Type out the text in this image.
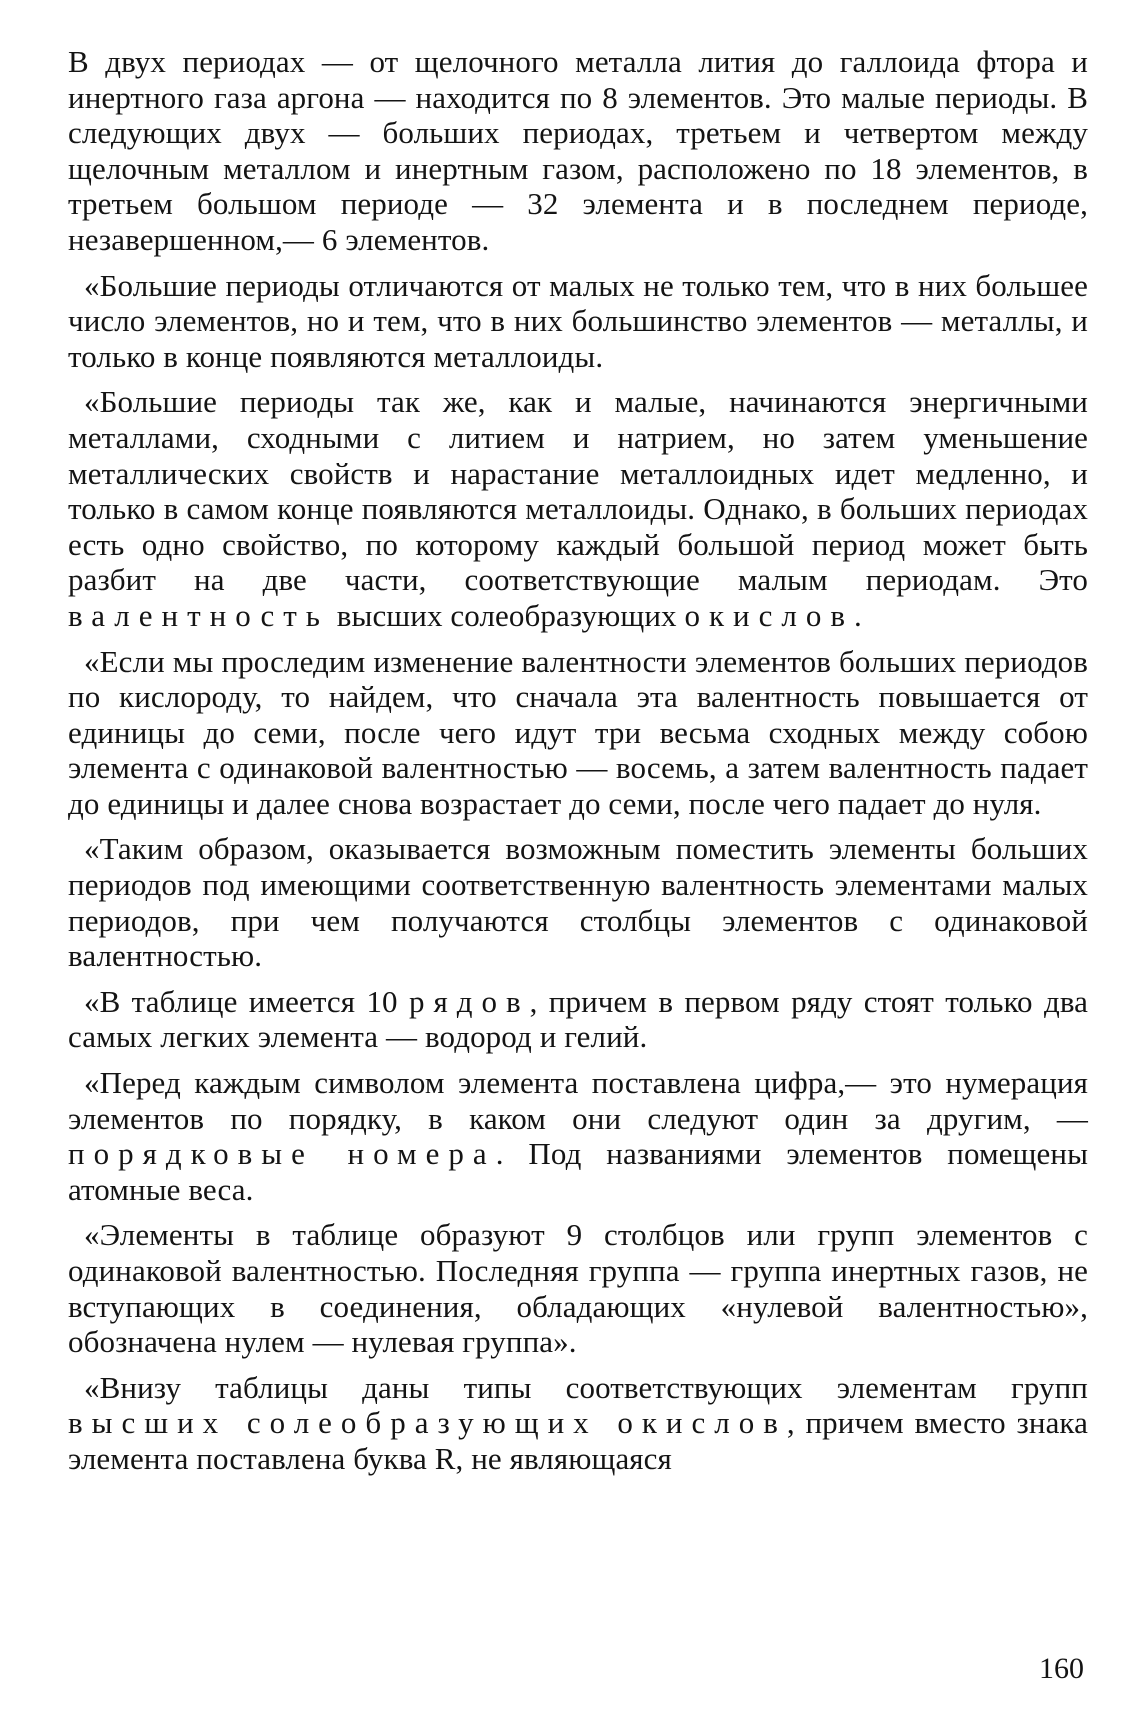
В двух периодах — от щелочного металла лития до галлоида фтора и инертного газа аргона — находится по 8 элементов. Это малые периоды. В следующих двух — больших периодах, третьем и четвертом между щелочным металлом и инертным газом, расположено по 18 элементов, в третьем большом периоде — 32 элемента и в последнем периоде, незавершенном,— 6 элементов.

«Большие периоды отличаются от малых не только тем, что в них большее число элементов, но и тем, что в них большинство элементов — металлы, и только в конце появляются металлоиды.

«Большие периоды так же, как и малые, начинаются энергичными металлами, сходными с литием и натрием, но затем уменьшение металлических свойств и нарастание металлоидных идет медленно, и только в самом конце появляются металлоиды. Однако, в больших периодах есть одно свойство, по которому каждый большой период может быть разбит на две части, соответствующие малым периодам. Это валентность высших солеобразующих окислов.

«Если мы проследим изменение валентности элементов больших периодов по кислороду, то найдем, что сначала эта валентность повышается от единицы до семи, после чего идут три весьма сходных между собою элемента с одинаковой валентностью — восемь, а затем валентность падает до единицы и далее снова возрастает до семи, после чего падает до нуля.

«Таким образом, оказывается возможным поместить элементы больших периодов под имеющими соответственную валентность элементами малых периодов, при чем получаются столбцы элементов с одинаковой валентностью.

«В таблице имеется 10 рядов, причем в первом ряду стоят только два самых легких элемента — водород и гелий.

«Перед каждым символом элемента поставлена цифра,— это нумерация элементов по порядку, в каком они следуют один за другим, — порядковые номера. Под названиями элементов помещены атомные веса.

«Элементы в таблице образуют 9 столбцов или групп элементов с одинаковой валентностью. Последняя группа — группа инертных газов, не вступающих в соединения, обладающих «нулевой валентностью», обозначена нулем — нулевая группа».

«Внизу таблицы даны типы соответствующих элементам групп высших солеобразующих окислов, причем вместо знака элемента поставлена буква R, не являющаяся

160
